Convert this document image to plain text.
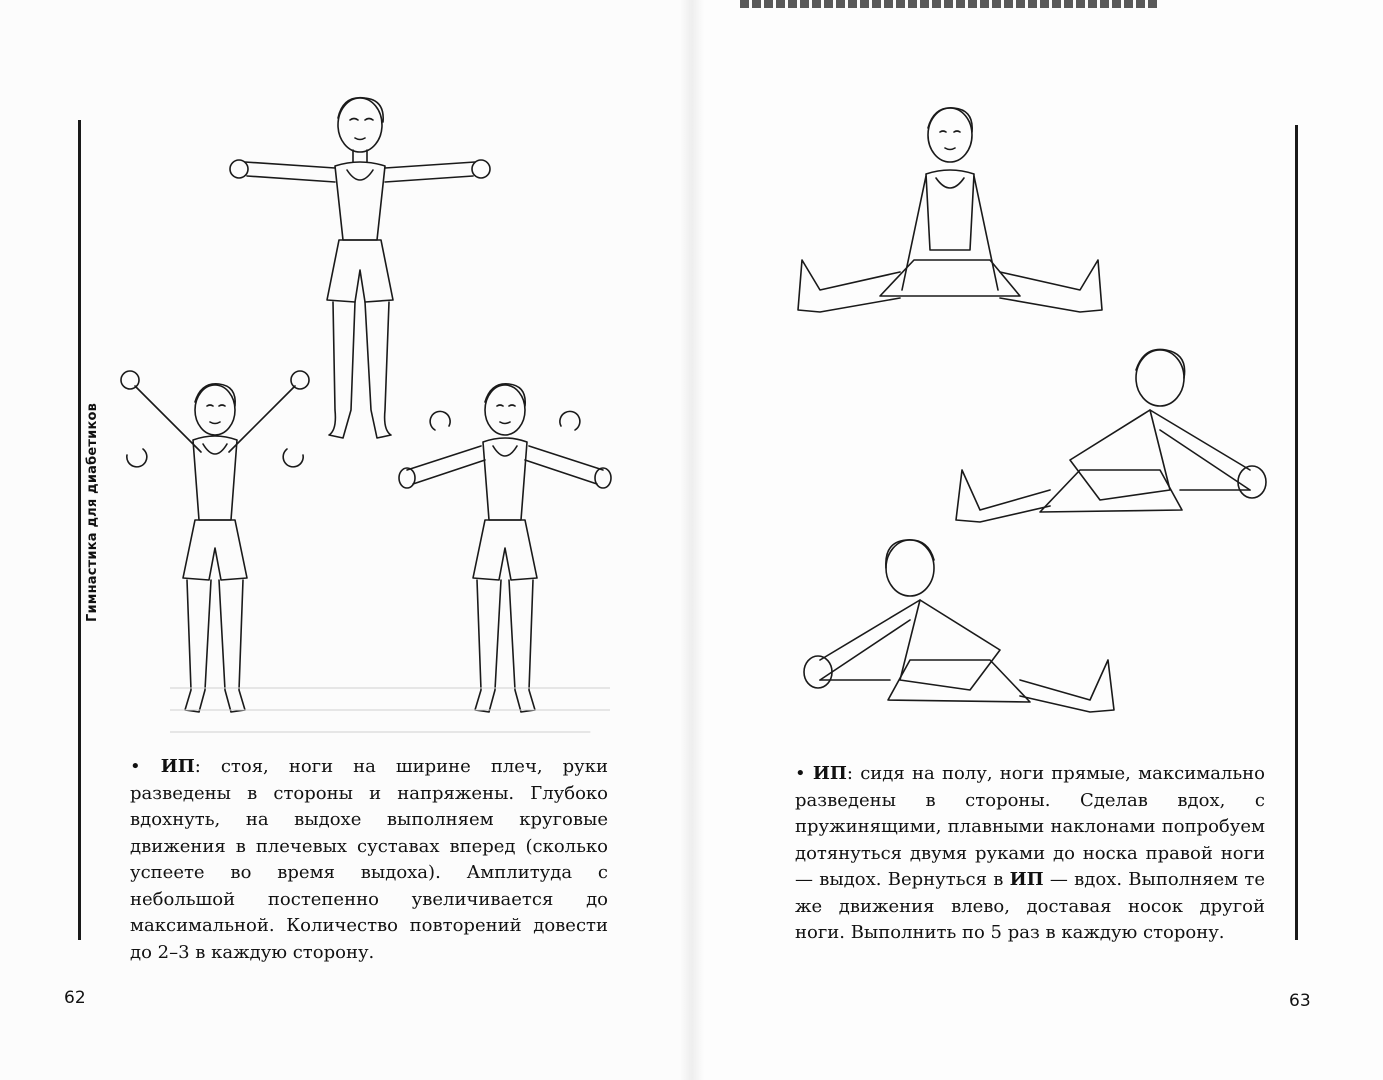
Гимнастика для диабетиков
• ИП: стоя, ноги на ширине плеч, руки разведены в стороны и напряжены. Глубоко вдохнуть, на выдохе выполняем круговые движения в плечевых суставах вперед (сколько успеете во время выдоха). Амплитуда с небольшой постепенно увеличивается до максимальной. Количество повторений довести до 2–3 в каждую сторону.
• ИП: сидя на полу, ноги прямые, максимально разведены в стороны. Сделав вдох, с пружинящими, плавными наклонами попробуем дотянуться двумя руками до носка правой ноги — выдох. Вернуться в ИП — вдох. Выполняем те же движения влево, доставая носок другой ноги. Выполнить по 5 раз в каждую сторону.
62	63
